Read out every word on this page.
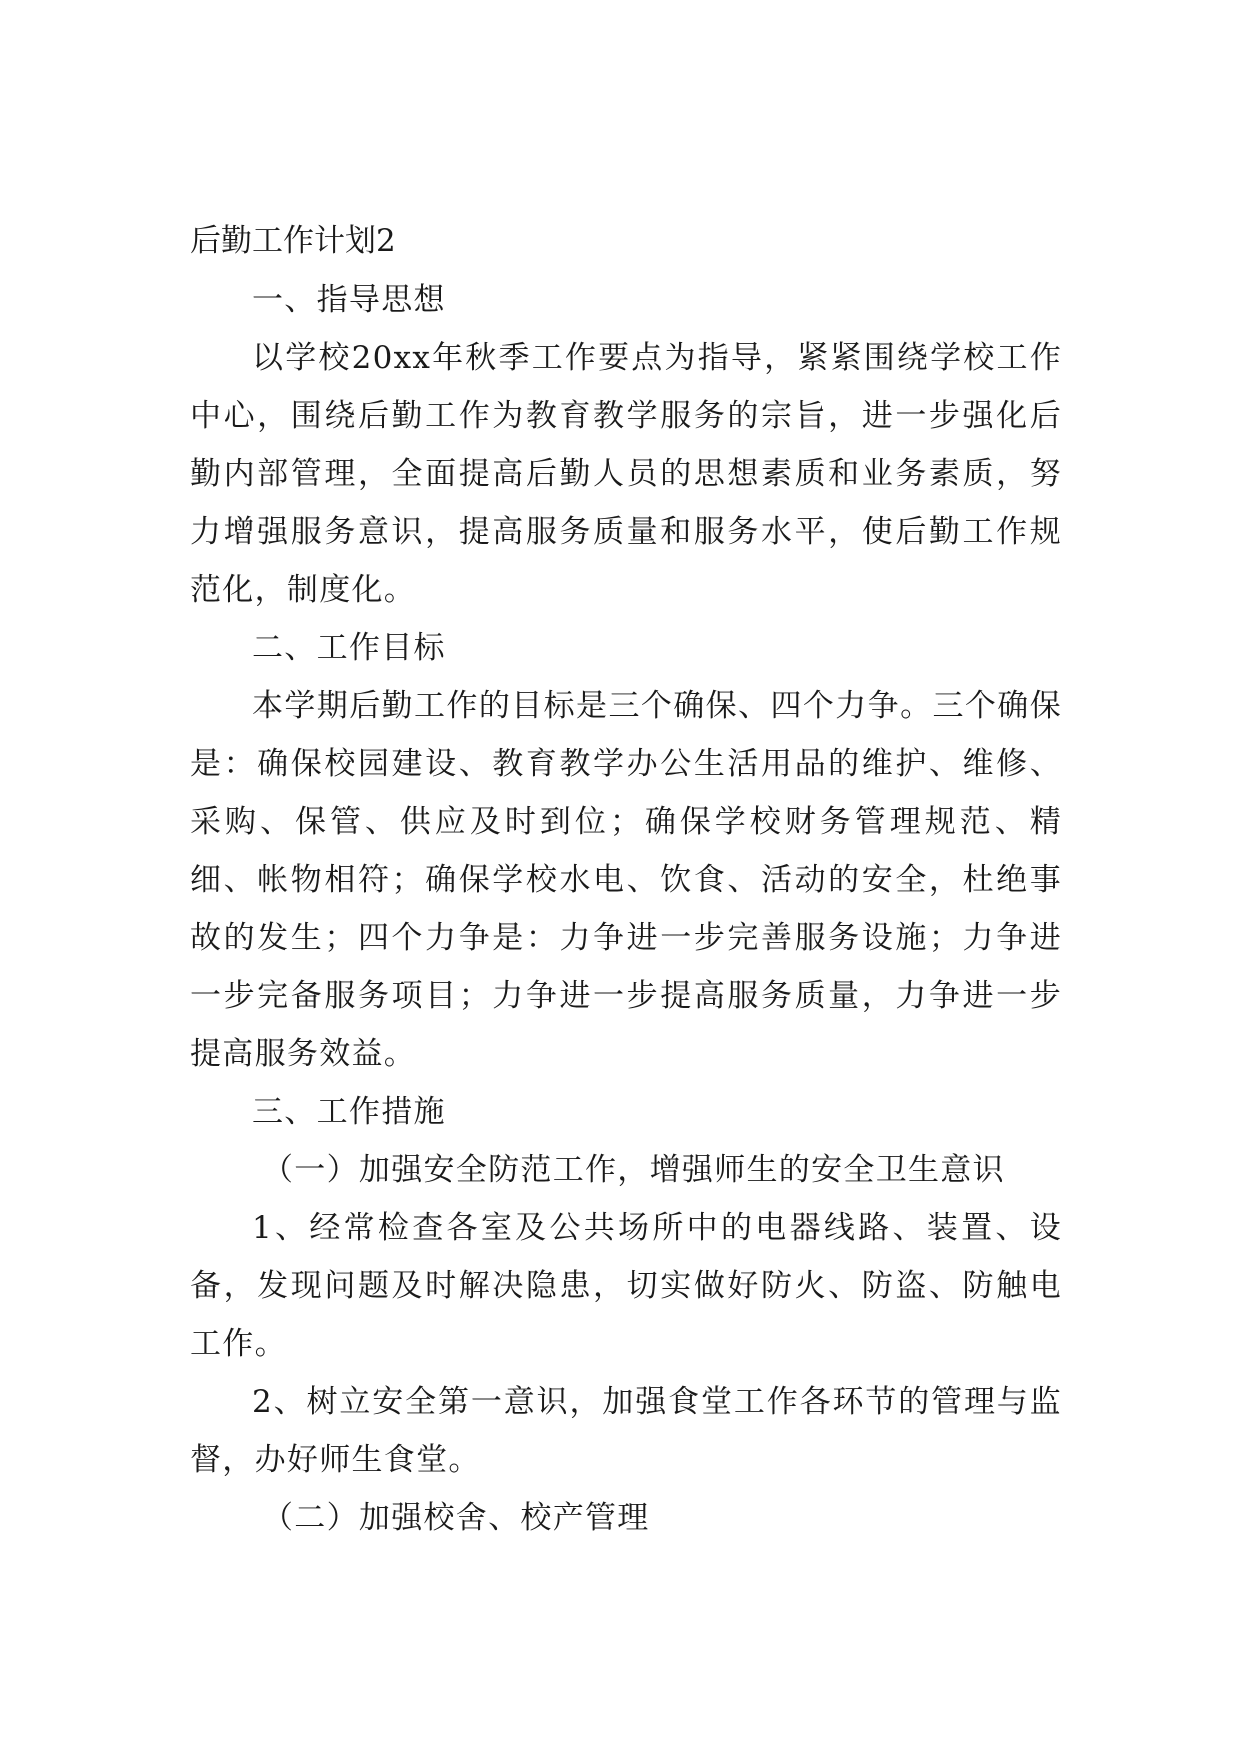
后勤工作计划2

一、指导思想

以学校20xx年秋季工作要点为指导，紧紧围绕学校工作中心，围绕后勤工作为教育教学服务的宗旨，进一步强化后勤内部管理，全面提高后勤人员的思想素质和业务素质，努力增强服务意识，提高服务质量和服务水平，使后勤工作规范化，制度化。

二、工作目标

本学期后勤工作的目标是三个确保、四个力争。三个确保是：确保校园建设、教育教学办公生活用品的维护、维修、采购、保管、供应及时到位；确保学校财务管理规范、精细、帐物相符；确保学校水电、饮食、活动的安全，杜绝事故的发生；四个力争是：力争进一步完善服务设施；力争进一步完备服务项目；力争进一步提高服务质量，力争进一步提高服务效益。

三、工作措施

（一）加强安全防范工作，增强师生的安全卫生意识

1、经常检查各室及公共场所中的电器线路、装置、设备，发现问题及时解决隐患，切实做好防火、防盗、防触电工作。

2、树立安全第一意识，加强食堂工作各环节的管理与监督，办好师生食堂。

（二）加强校舍、校产管理
